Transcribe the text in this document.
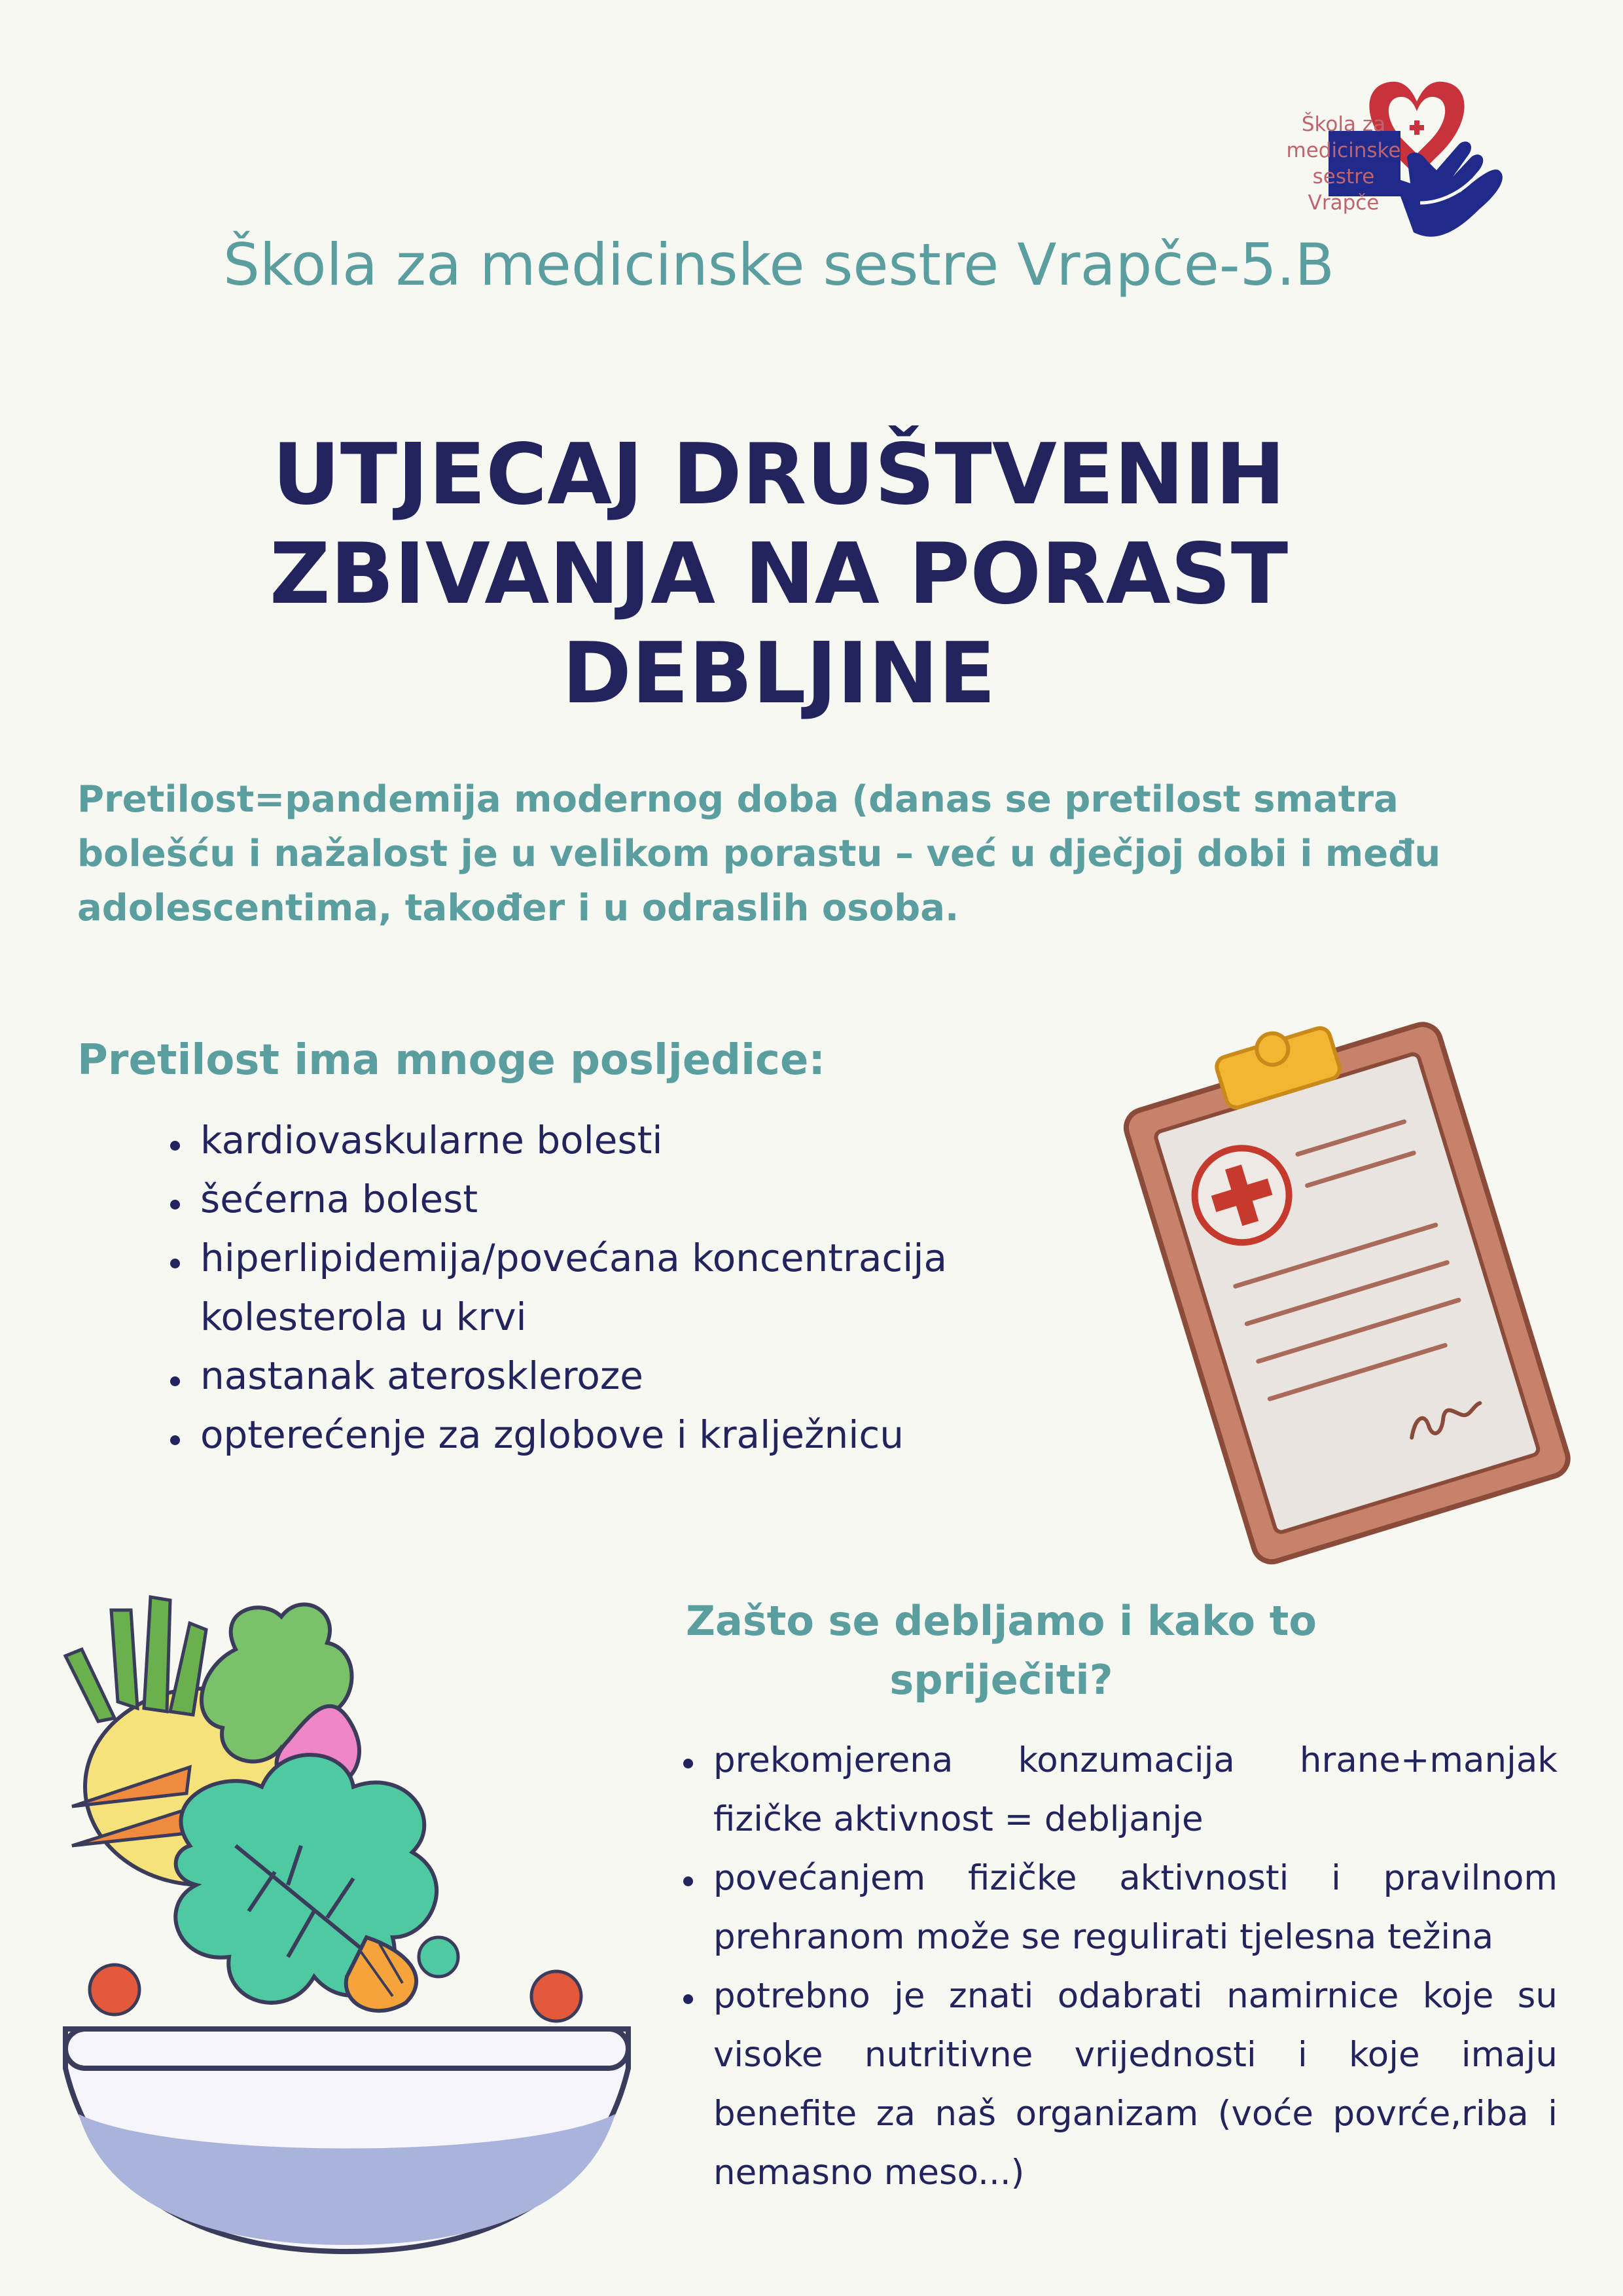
Škola za
medicinske
sestre
Vrapče
Škola za medicinske sestre Vrapče-5.B
UTJECAJ DRUŠTVENIH ZBIVANJA NA PORAST DEBLJINE
Pretilost=pandemija modernog doba (danas se pretilost smatra bolešću i nažalost je u velikom porastu – već u dječjoj dobi i među adolescentima, također i u odraslih osoba.
Pretilost ima mnoge posljedice:
kardiovaskularne bolesti
šećerna bolest
hiperlipidemija/povećana koncentracija kolesterola u krvi
nastanak ateroskleroze
opterećenje za zglobove i kralježnicu
Zašto se debljamo i kako to spriječiti?
prekomjerena konzumacija hrane+manjak fizičke aktivnost = debljanje
povećanjem fizičke aktivnosti i pravilnom prehranom može se regulirati tjelesna težina
potrebno je znati odabrati namirnice koje su visoke nutritivne vrijednosti i koje imaju benefite za naš organizam (voće povrće,riba i nemasno meso...)
